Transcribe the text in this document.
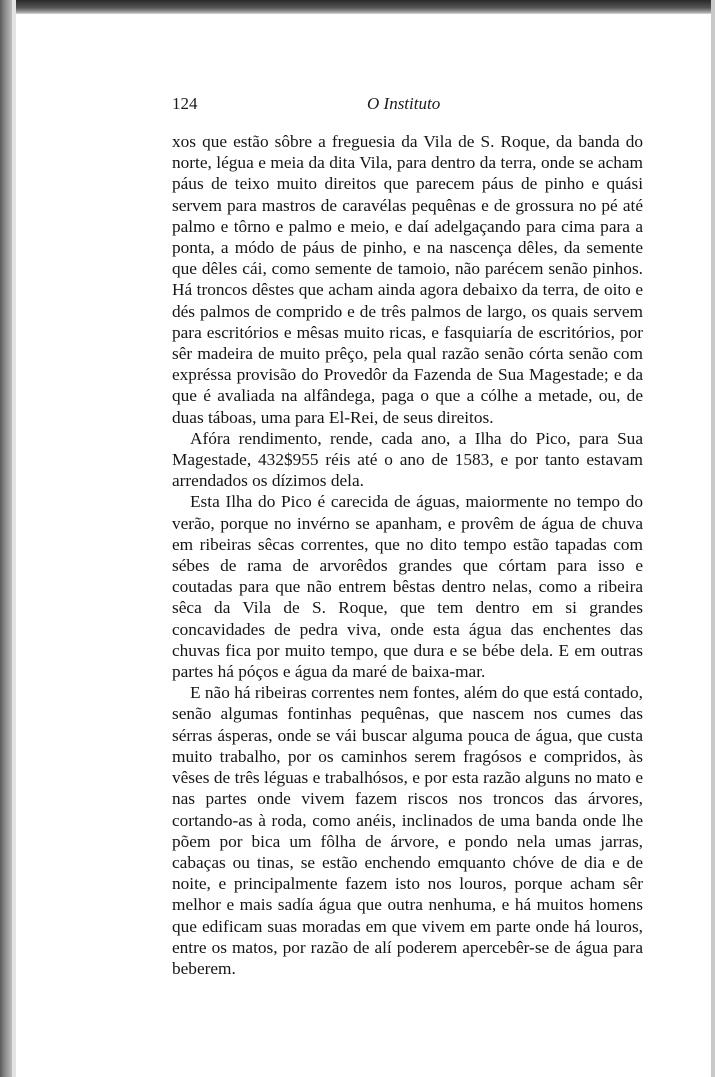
124	O Instituto

xos que estão sôbre a freguesia da Vila de S. Roque, da banda do norte, légua e meia da dita Vila, para dentro da terra, onde se acham páus de teixo muito direitos que parecem páus de pinho e quási servem para mastros de caravélas pequênas e de grossura no pé até palmo e tôrno e palmo e meio, e daí adelgaçando para cima para a ponta, a módo de páus de pinho, e na nascença dêles, da semente que dêles cái, como semente de tamoio, não parécem senão pinhos. Há troncos dêstes que acham ainda agora debaixo da terra, de oito e dés palmos de comprido e de três palmos de largo, os quais servem para escritórios e mêsas muito ricas, e fasquiaría de escritórios, por sêr madeira de muito prêço, pela qual razão senão córta senão com expréssa provisão do Provedôr da Fazenda de Sua Magestade; e da que é avaliada na alfândega, paga o que a cólhe a metade, ou, de duas táboas, uma para El-Rei, de seus direitos.

Afóra rendimento, rende, cada ano, a Ilha do Pico, para Sua Magestade, 432$955 réis até o ano de 1583, e por tanto estavam arrendados os dízimos dela.

Esta Ilha do Pico é carecida de águas, maiormente no tempo do verão, porque no invérno se apanham, e provêm de água de chuva em ribeiras sêcas correntes, que no dito tempo estão tapadas com sébes de rama de arvorêdos grandes que córtam para isso e coutadas para que não entrem bêstas dentro nelas, como a ribeira sêca da Vila de S. Roque, que tem dentro em si grandes concavidades de pedra viva, onde esta água das enchentes das chuvas fica por muito tempo, que dura e se bébe dela. E em outras partes há póços e água da maré de baixa-mar.

E não há ribeiras correntes nem fontes, além do que está contado, senão algumas fontinhas pequênas, que nascem nos cumes das sérras ásperas, onde se vái buscar alguma pouca de água, que custa muito trabalho, por os caminhos serem fragósos e compridos, às vêses de três léguas e trabalhósos, e por esta razão alguns no mato e nas partes onde vivem fazem riscos nos troncos das árvores, cortando-as à roda, como anéis, inclinados de uma banda onde lhe põem por bica um fôlha de árvore, e pondo nela umas jarras, cabaças ou tinas, se estão enchendo emquanto chóve de dia e de noite, e principalmente fazem isto nos louros, porque acham sêr melhor e mais sadía água que outra nenhuma, e há muitos homens que edificam suas moradas em que vivem em parte onde há louros, entre os matos, por razão de alí poderem apercebêr-se de água para beberem.
